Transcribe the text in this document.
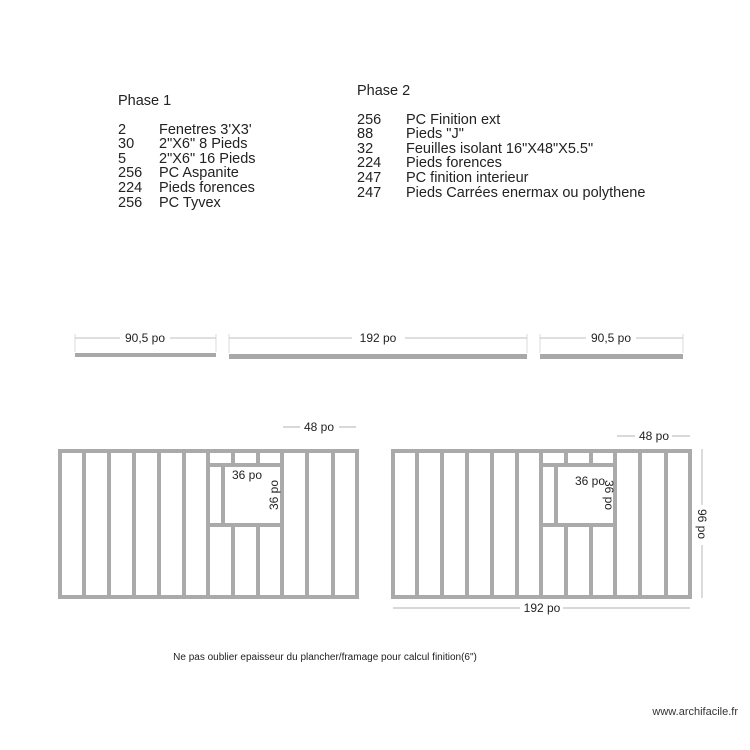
Phase 1
2	Fenetres 3'X3'
30	2"X6" 8 Pieds
5	2"X6" 16 Pieds
256	PC Aspanite
224	Pieds forences
256	PC Tyvex
Phase 2
256	PC Finition ext
88	Pieds "J"
32	Feuilles isolant 16"X48"X5.5"
224	Pieds forences
247	PC finition interieur
247	Pieds Carrées enermax ou polythene
90,5 po	192 po	90,5 po
48 po
36 po
36 po
48 po
36 po
36 po
96 po
192 po
Ne pas oublier epaisseur du plancher/framage pour calcul finition(6")
www.archifacile.fr
